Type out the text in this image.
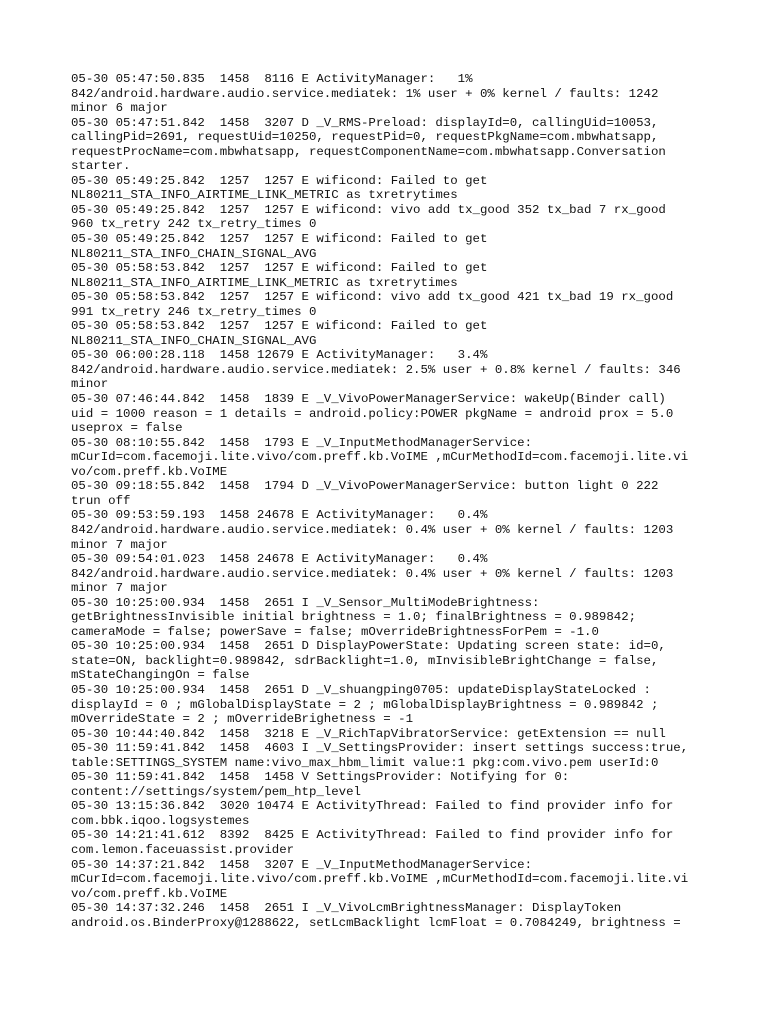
05-30 05:47:50.835  1458  8116 E ActivityManager:   1%
842/android.hardware.audio.service.mediatek: 1% user + 0% kernel / faults: 1242
minor 6 major
05-30 05:47:51.842  1458  3207 D _V_RMS-Preload: displayId=0, callingUid=10053,
callingPid=2691, requestUid=10250, requestPid=0, requestPkgName=com.mbwhatsapp,
requestProcName=com.mbwhatsapp, requestComponentName=com.mbwhatsapp.Conversation
starter.
05-30 05:49:25.842  1257  1257 E wificond: Failed to get
NL80211_STA_INFO_AIRTIME_LINK_METRIC as txretrytimes
05-30 05:49:25.842  1257  1257 E wificond: vivo add tx_good 352 tx_bad 7 rx_good
960 tx_retry 242 tx_retry_times 0
05-30 05:49:25.842  1257  1257 E wificond: Failed to get
NL80211_STA_INFO_CHAIN_SIGNAL_AVG
05-30 05:58:53.842  1257  1257 E wificond: Failed to get
NL80211_STA_INFO_AIRTIME_LINK_METRIC as txretrytimes
05-30 05:58:53.842  1257  1257 E wificond: vivo add tx_good 421 tx_bad 19 rx_good
991 tx_retry 246 tx_retry_times 0
05-30 05:58:53.842  1257  1257 E wificond: Failed to get
NL80211_STA_INFO_CHAIN_SIGNAL_AVG
05-30 06:00:28.118  1458 12679 E ActivityManager:   3.4%
842/android.hardware.audio.service.mediatek: 2.5% user + 0.8% kernel / faults: 346
minor
05-30 07:46:44.842  1458  1839 E _V_VivoPowerManagerService: wakeUp(Binder call)
uid = 1000 reason = 1 details = android.policy:POWER pkgName = android prox = 5.0
useprox = false
05-30 08:10:55.842  1458  1793 E _V_InputMethodManagerService:
mCurId=com.facemoji.lite.vivo/com.preff.kb.VoIME ,mCurMethodId=com.facemoji.lite.vi
vo/com.preff.kb.VoIME
05-30 09:18:55.842  1458  1794 D _V_VivoPowerManagerService: button light 0 222
trun off
05-30 09:53:59.193  1458 24678 E ActivityManager:   0.4%
842/android.hardware.audio.service.mediatek: 0.4% user + 0% kernel / faults: 1203
minor 7 major
05-30 09:54:01.023  1458 24678 E ActivityManager:   0.4%
842/android.hardware.audio.service.mediatek: 0.4% user + 0% kernel / faults: 1203
minor 7 major
05-30 10:25:00.934  1458  2651 I _V_Sensor_MultiModeBrightness:
getBrightnessInvisible initial brightness = 1.0; finalBrightness = 0.989842;
cameraMode = false; powerSave = false; mOverrideBrightnessForPem = -1.0
05-30 10:25:00.934  1458  2651 D DisplayPowerState: Updating screen state: id=0,
state=ON, backlight=0.989842, sdrBacklight=1.0, mInvisibleBrightChange = false,
mStateChangingOn = false
05-30 10:25:00.934  1458  2651 D _V_shuangping0705: updateDisplayStateLocked :
displayId = 0 ; mGlobalDisplayState = 2 ; mGlobalDisplayBrightness = 0.989842 ;
mOverrideState = 2 ; mOverrideBrighetness = -1
05-30 10:44:40.842  1458  3218 E _V_RichTapVibratorService: getExtension == null
05-30 11:59:41.842  1458  4603 I _V_SettingsProvider: insert settings success:true,
table:SETTINGS_SYSTEM name:vivo_max_hbm_limit value:1 pkg:com.vivo.pem userId:0
05-30 11:59:41.842  1458  1458 V SettingsProvider: Notifying for 0:
content://settings/system/pem_htp_level
05-30 13:15:36.842  3020 10474 E ActivityThread: Failed to find provider info for
com.bbk.iqoo.logsystemes
05-30 14:21:41.612  8392  8425 E ActivityThread: Failed to find provider info for
com.lemon.faceuassist.provider
05-30 14:37:21.842  1458  3207 E _V_InputMethodManagerService:
mCurId=com.facemoji.lite.vivo/com.preff.kb.VoIME ,mCurMethodId=com.facemoji.lite.vi
vo/com.preff.kb.VoIME
05-30 14:37:32.246  1458  2651 I _V_VivoLcmBrightnessManager: DisplayToken
android.os.BinderProxy@1288622, setLcmBacklight lcmFloat = 0.7084249, brightness =
